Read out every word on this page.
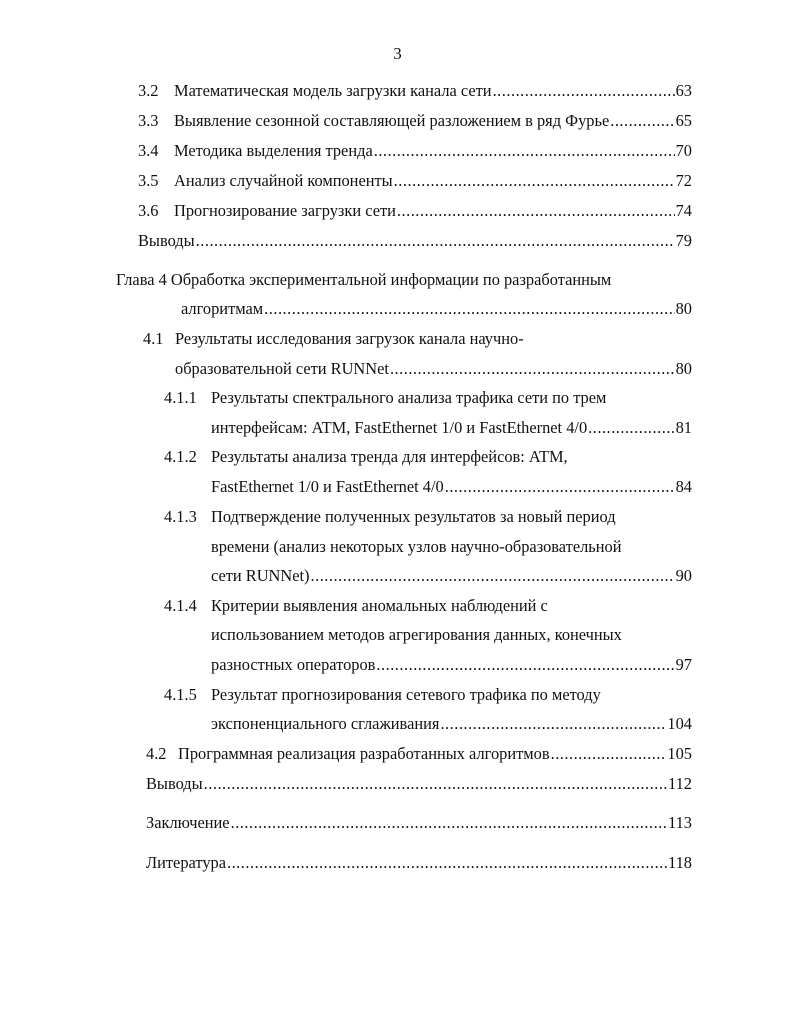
3
3.2 Математическая модель загрузки канала сети .....	63
3.3 Выявление сезонной составляющей разложением в ряд Фурье .....	65
3.4 Методика выделения тренда .....	70
3.5 Анализ случайной компоненты .....	72
3.6 Прогнозирование загрузки сети .....	74
Выводы .....	79
Глава 4 Обработка экспериментальной информации по разработанным
алгоритмам .....	80
4.1 Результаты исследования загрузок канала научно-
образовательной сети RUNNet .....	80
4.1.1 Результаты спектрального анализа трафика сети по трем
интерфейсам: ATM, FastEthernet 1/0 и FastEthernet 4/0 .....	81
4.1.2 Результаты анализа тренда для интерфейсов: ATM,
FastEthernet 1/0 и FastEthernet 4/0 .....	84
4.1.3 Подтверждение полученных результатов за новый период
времени (анализ некоторых узлов научно-образовательной
сети RUNNet) .....	90
4.1.4 Критерии выявления аномальных наблюдений с
использованием методов агрегирования данных, конечных
разностных операторов .....	97
4.1.5 Результат прогнозирования сетевого трафика по методу
экспоненциального сглаживания .....	104
4.2 Программная реализация разработанных алгоритмов .....	105
Выводы .....	112
Заключение .....	113
Литература .....	118
